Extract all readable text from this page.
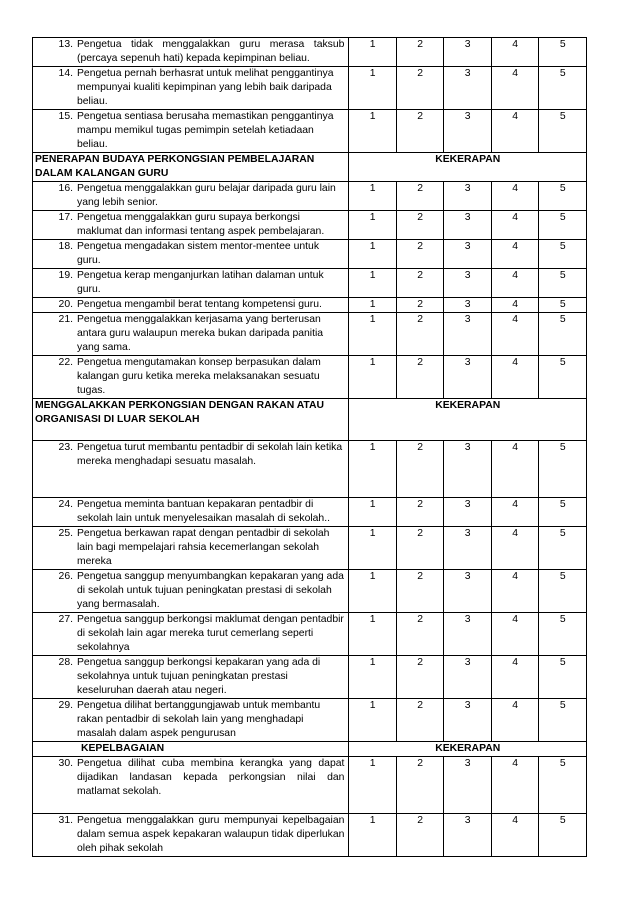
13. Pengetua tidak menggalakkan guru merasa taksub (percaya sepenuh hati) kepada kepimpinan beliau.	1	2	3	4	5

14. Pengetua pernah berhasrat untuk melihat penggantinya mempunyai kualiti kepimpinan yang lebih baik daripada beliau.	1	2	3	4	5

15. Pengetua sentiasa berusaha memastikan penggantinya mampu memikul tugas pemimpin setelah ketiadaan beliau.	1	2	3	4	5
PENERAPAN BUDAYA PERKONGSIAN PEMBELAJARAN DALAM KALANGAN GURU	KEKERAPAN				

16. Pengetua menggalakkan guru belajar daripada guru lain yang lebih senior.	1	2	3	4	5

17. Pengetua menggalakkan guru supaya berkongsi maklumat dan informasi tentang aspek pembelajaran.	1	2	3	4	5

18. Pengetua mengadakan sistem mentor-mentee untuk guru.	1	2	3	4	5

19. Pengetua kerap menganjurkan latihan dalaman untuk guru.	1	2	3	4	5

20. Pengetua mengambil berat tentang kompetensi guru.	1	2	3	4	5

21. Pengetua menggalakkan kerjasama yang berterusan antara guru walaupun mereka bukan daripada panitia yang sama.	1	2	3	4	5

22. Pengetua mengutamakan konsep berpasukan dalam kalangan guru ketika mereka melaksanakan sesuatu tugas.	1	2	3	4	5
MENGGALAKKAN PERKONGSIAN DENGAN RAKAN ATAU ORGANISASI DI LUAR SEKOLAH	KEKERAPAN				

23. Pengetua turut membantu pentadbir di sekolah lain ketika mereka menghadapi sesuatu masalah.	1	2	3	4	5

24. Pengetua meminta bantuan kepakaran pentadbir di sekolah lain untuk menyelesaikan masalah di sekolah..	1	2	3	4	5

25. Pengetua berkawan rapat dengan pentadbir di sekolah lain bagi mempelajari rahsia kecemerlangan sekolah mereka	1	2	3	4	5

26. Pengetua sanggup menyumbangkan kepakaran yang ada di sekolah untuk tujuan peningkatan prestasi di sekolah yang bermasalah.	1	2	3	4	5

27. Pengetua sanggup berkongsi maklumat dengan pentadbir di sekolah lain agar mereka turut cemerlang seperti sekolahnya	1	2	3	4	5

28. Pengetua sanggup berkongsi kepakaran yang ada di sekolahnya untuk tujuan peningkatan prestasi keseluruhan daerah atau negeri.	1	2	3	4	5

29. Pengetua dilihat bertanggungjawab untuk membantu rakan pentadbir di sekolah lain yang menghadapi masalah dalam aspek pengurusan	1	2	3	4	5
KEPELBAGAIAN	KEKERAPAN				

30. Pengetua dilihat cuba membina kerangka yang dapat dijadikan landasan kepada perkongsian nilai dan matlamat sekolah.	1	2	3	4	5

31. Pengetua menggalakkan guru mempunyai kepelbagaian dalam semua aspek kepakaran walaupun tidak diperlukan oleh pihak sekolah	1	2	3	4	5
